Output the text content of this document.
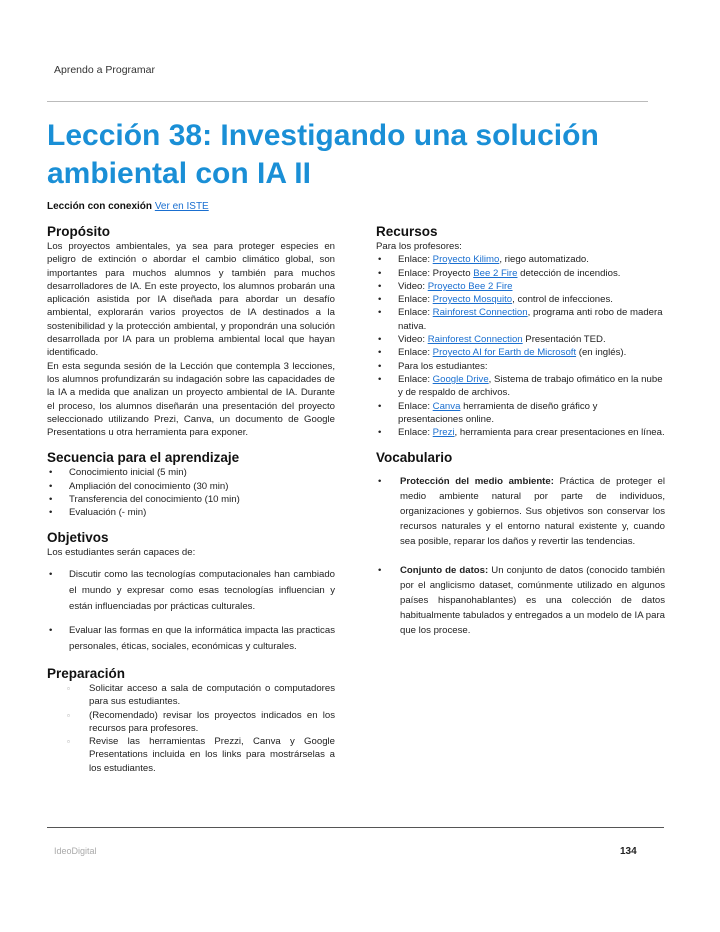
Aprendo a Programar
Lección 38: Investigando una solución ambiental con IA II
Lección con conexión Ver en ISTE
Propósito

Los proyectos ambientales, ya sea para proteger especies en peligro de extinción o abordar el cambio climático global, son importantes para muchos alumnos y también para muchos desarrolladores de IA. En este proyecto, los alumnos probarán una aplicación asistida por IA diseñada para abordar un desafío ambiental, explorarán varios proyectos de IA destinados a la sostenibilidad y la protección ambiental, y propondrán una solución desarrollada por IA para un problema ambiental local que hayan identificado.

En esta segunda sesión de la Lección que contempla 3 lecciones, los alumnos profundizarán su indagación sobre las capacidades de la IA a medida que analizan un proyecto ambiental de IA. Durante el proceso, los alumnos diseñarán una presentación del proyecto seleccionado utilizando Prezi, Canva, un documento de Google Presentations u otra herramienta para exponer.

Secuencia para el aprendizaje
• Conocimiento inicial (5 min)
• Ampliación del conocimiento (30 min)
• Transferencia del conocimiento (10 min)
• Evaluación (- min)
Objetivos

Los estudiantes serán capaces de:

• Discutir como las tecnologías computacionales han cambiado el mundo y expresar como esas tecnologías influencian y están influenciadas por prácticas culturales.
• Evaluar las formas en que la informática impacta las practicas personales, éticas, sociales, económicas y culturales.
Preparación
▫ Solicitar acceso a sala de computación o computadores para sus estudiantes.
▫ (Recomendado) revisar los proyectos indicados en los recursos para profesores.
▫ Revise las herramientas Prezzi, Canva y Google Presentations incluida en los links para mostrárselas a los estudiantes.
Recursos

Para los profesores:

• Enlace: Proyecto Kilimo, riego automatizado.
• Enlace: Proyecto Bee 2 Fire detección de incendios.
• Video: Proyecto Bee 2 Fire
• Enlace: Proyecto Mosquito, control de infecciones.
• Enlace: Rainforest Connection, programa anti robo de madera nativa.
• Video: Rainforest Connection Presentación TED.
• Enlace: Proyecto AI for Earth de Microsoft (en inglés).
• Para los estudiantes:
• Enlace: Google Drive, Sistema de trabajo ofimático en la nube y de respaldo de archivos.
• Enlace: Canva herramienta de diseño gráfico y presentaciones online.
• Enlace: Prezi, herramienta para crear presentaciones en línea.
Vocabulario
• Protección del medio ambiente: Práctica de proteger el medio ambiente natural por parte de individuos, organizaciones y gobiernos. Sus objetivos son conservar los recursos naturales y el entorno natural existente y, cuando sea posible, reparar los daños y revertir las tendencias.
• Conjunto de datos: Un conjunto de datos (conocido también por el anglicismo dataset, comúnmente utilizado en algunos países hispanohablantes) es una colección de datos habitualmente tabulados y entregados a un modelo de IA para que los procese.
IdeoDigital	134
